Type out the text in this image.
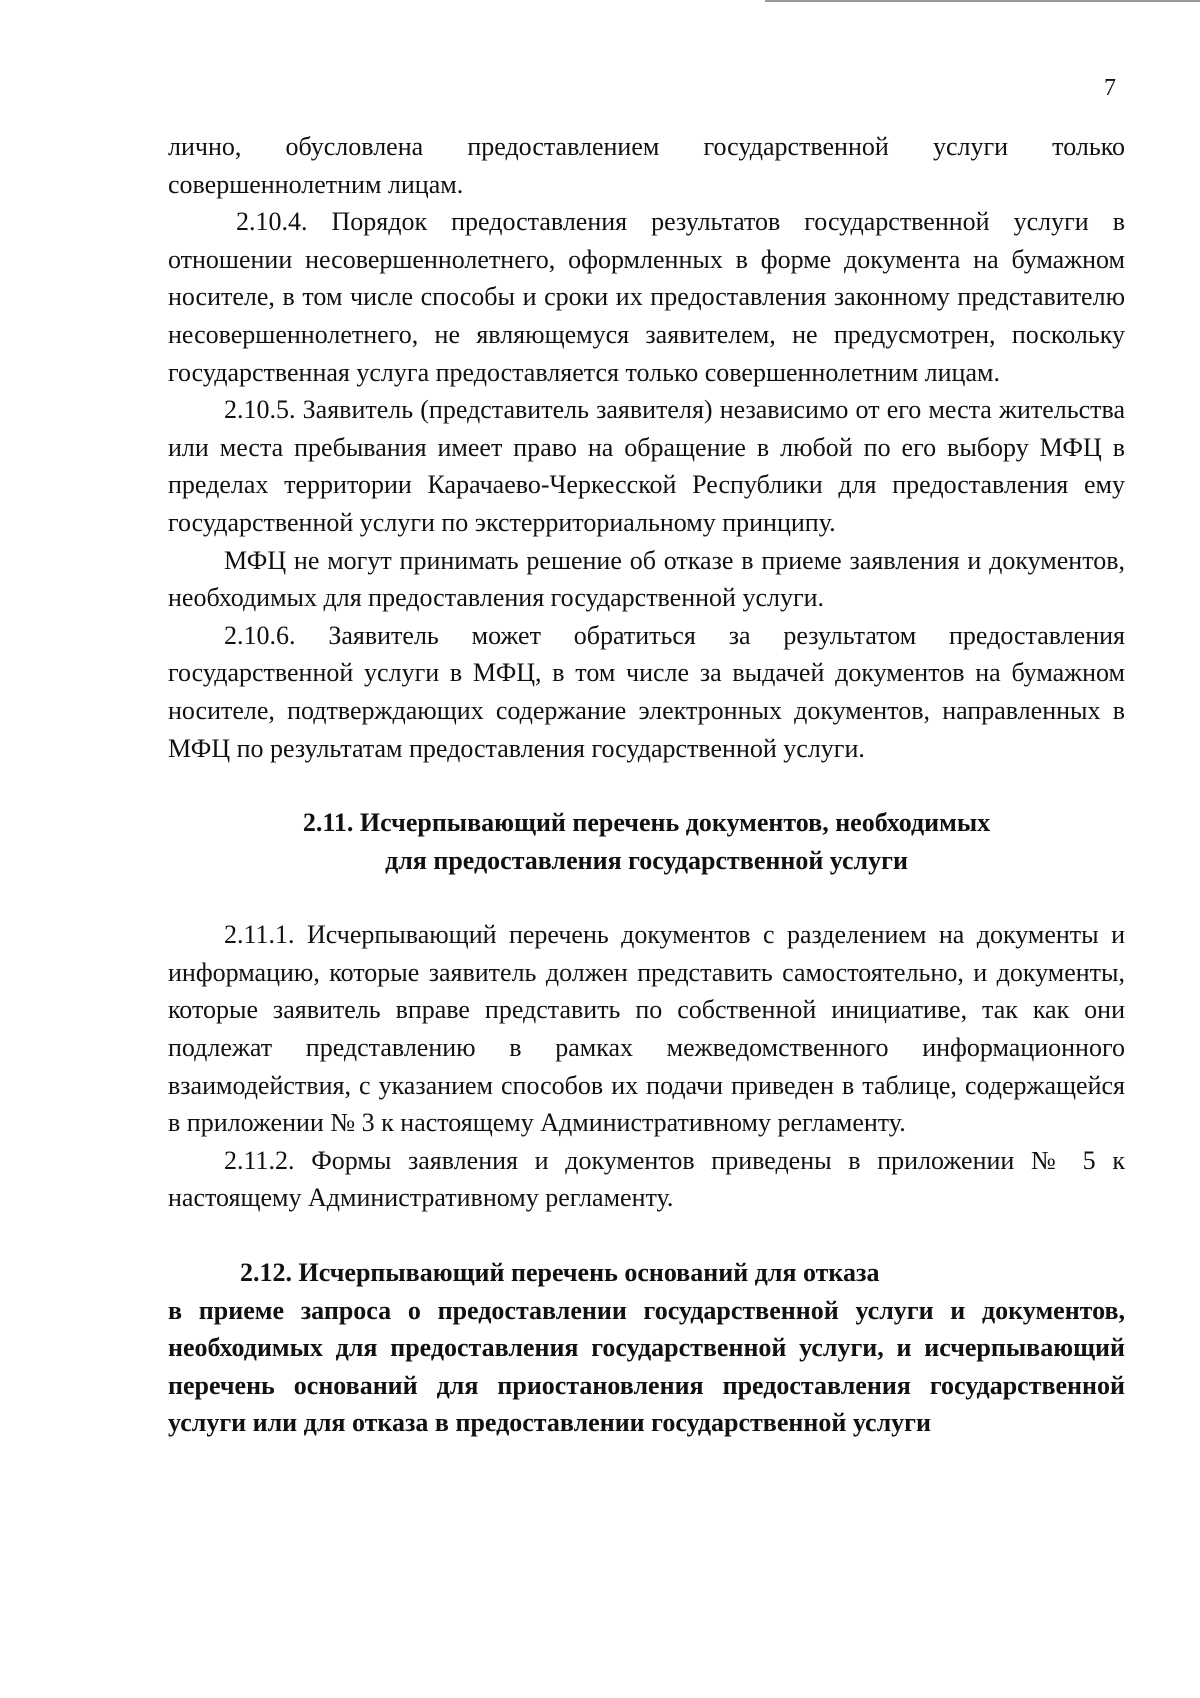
7

лично, обусловлена предоставлением государственной услуги только совершеннолетним лицам.

2.10.4. Порядок предоставления результатов государственной услуги в отношении несовершеннолетнего, оформленных в форме документа на бумажном носителе, в том числе способы и сроки их предоставления законному представителю несовершеннолетнего, не являющемуся заявителем, не предусмотрен, поскольку государственная услуга предоставляется только совершеннолетним лицам.

2.10.5. Заявитель (представитель заявителя) независимо от его места жительства или места пребывания имеет право на обращение в любой по его выбору МФЦ в пределах территории Карачаево-Черкесской Республики для предоставления ему государственной услуги по экстерриториальному принципу.

МФЦ не могут принимать решение об отказе в приеме заявления и документов, необходимых для предоставления государственной услуги.

2.10.6. Заявитель может обратиться за результатом предоставления государственной услуги в МФЦ, в том числе за выдачей документов на бумажном носителе, подтверждающих содержание электронных документов, направленных в МФЦ по результатам предоставления государственной услуги.

2.11. Исчерпывающий перечень документов, необходимых
для предоставления государственной услуги

2.11.1. Исчерпывающий перечень документов с разделением на документы и информацию, которые заявитель должен представить самостоятельно, и документы, которые заявитель вправе представить по собственной инициативе, так как они подлежат представлению в рамках межведомственного информационного взаимодействия, с указанием способов их подачи приведен в таблице, содержащейся в приложении № 3 к настоящему Административному регламенту.

2.11.2. Формы заявления и документов приведены в приложении № 5 к настоящему Административному регламенту.

2.12. Исчерпывающий перечень оснований для отказа
в приеме запроса о предоставлении государственной услуги и документов, необходимых для предоставления государственной услуги, и исчерпывающий перечень оснований для приостановления предоставления государственной услуги или для отказа в предоставлении государственной услуги
